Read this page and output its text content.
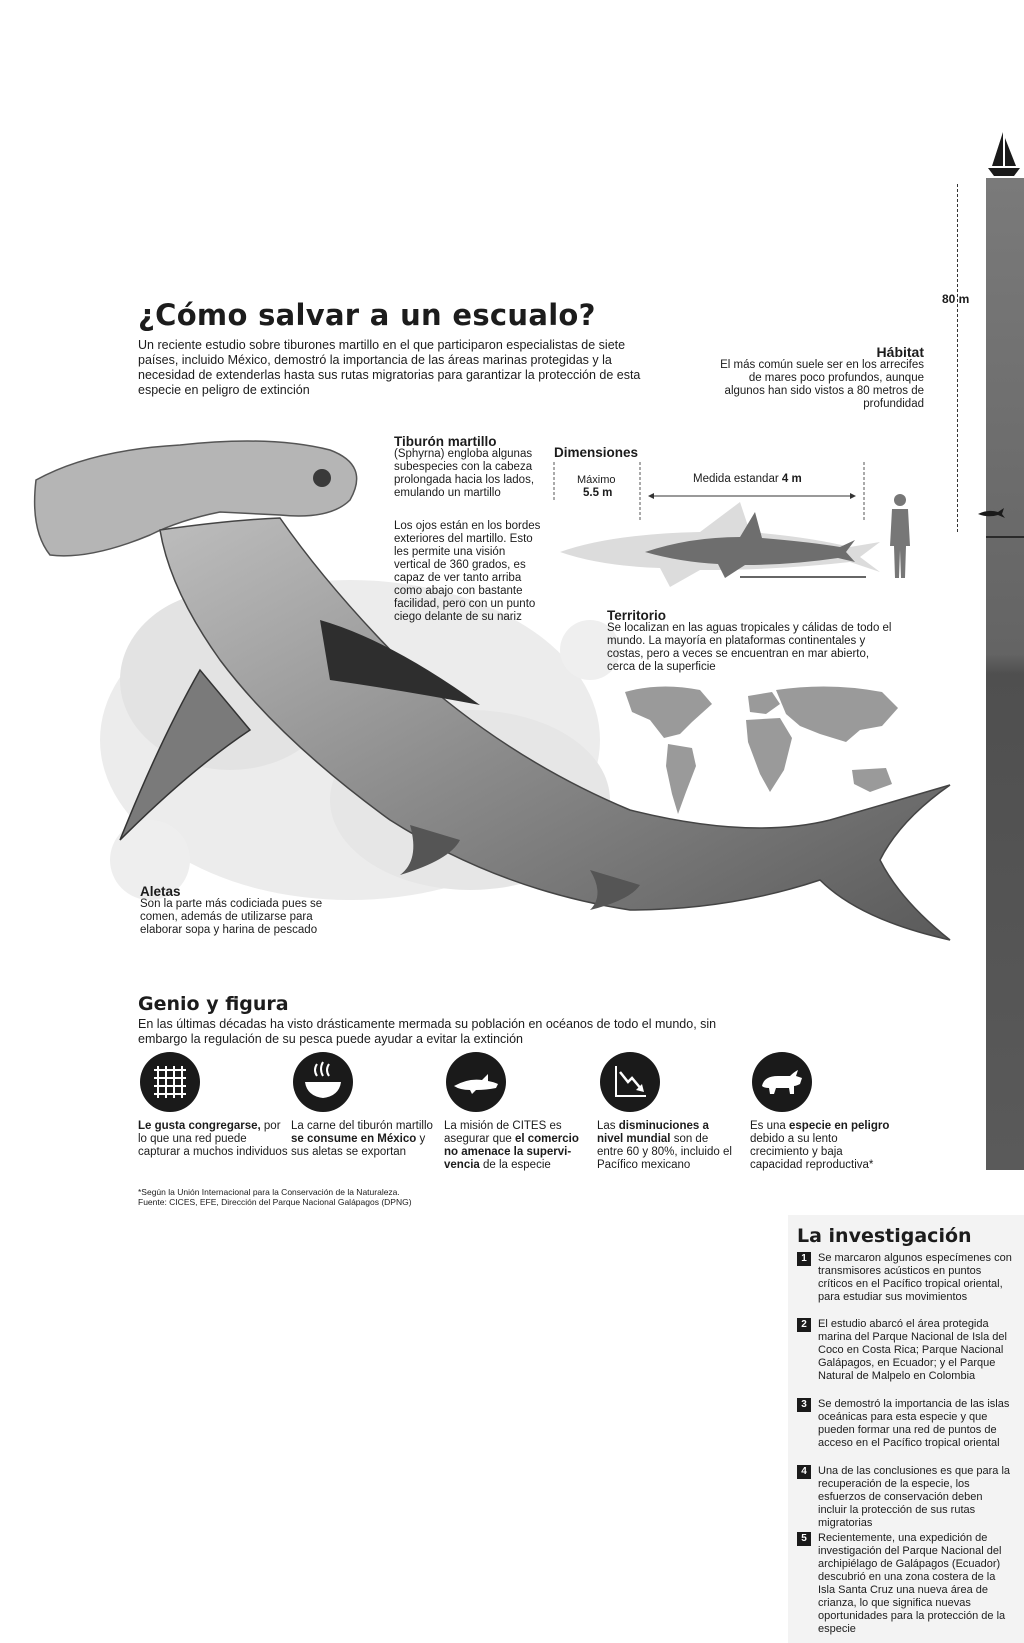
80 m
¿Cómo salvar a un escualo?
Un reciente estudio sobre tiburones martillo en el que participaron especialistas de siete países, incluido México, demostró la importancia de las áreas marinas protegidas y la necesidad de extenderlas hasta sus rutas migratorias para garantizar la protección de esta especie en peligro de extinción
Hábitat
El más común suele ser en los arrecifes de mares poco profundos, aunque algunos han sido vistos a 80 metros de profundidad
Tiburón martillo
(Sphyrna) engloba algunas subespecies con la cabeza prolongada hacia los lados, emulando un martillo
Los ojos están en los bordes exteriores del martillo. Esto les permite una visión vertical de 360 grados, es capaz de ver tanto arriba como abajo con bastante facilidad, pero con un punto ciego delante de su nariz
Dimensiones
Máximo
5.5 m
Medida estandar 4 m
Territorio
Se localizan en las aguas tropicales y cálidas de todo el mundo. La mayoría en plataformas continentales y costas, pero a veces se encuentran en mar abierto, cerca de la superficie
Aletas
Son la parte más codiciada pues se comen, además de utilizarse para elaborar sopa y harina de pescado
Genio y figura
En las últimas décadas ha visto drásticamente mermada su población en océanos de todo el mundo, sin embargo la regulación de su pesca puede ayudar a evitar la extinción
Le gusta congregarse, por lo que una red puede capturar a muchos individuos
La carne del tiburón martillo se consume en México y sus aletas se exportan
La misión de CITES es asegurar que el comercio no amenace la supervi-vencia de la especie
Las disminuciones a nivel mundial son de entre 60 y 80%, incluido el Pacífico mexicano
Es una especie en peligro debido a su lento crecimiento y baja capacidad reproductiva*
*Según la Unión Internacional para la Conservación de la Naturaleza.
Fuente: CICES, EFE, Dirección del Parque Nacional Galápagos (DPNG)
La investigación
1	Se marcaron algunos especímenes con transmisores acústicos en puntos críticos en el Pacífico tropical oriental, para estudiar sus movimientos
2	El estudio abarcó el área protegida marina del Parque Nacional de Isla del Coco en Costa Rica; Parque Nacional Galápagos, en Ecuador; y el Parque Natural de Malpelo en Colombia
3	Se demostró la importancia de las islas oceánicas para esta especie y que pueden formar una red de puntos de acceso en el Pacífico tropical oriental
4	Una de las conclusiones es que para la recuperación de la especie, los esfuerzos de conservación deben incluir la protección de sus rutas migratorias
5	Recientemente, una expedición de investigación del Parque Nacional del archipiélago de Galápagos (Ecuador) descubrió en una zona costera de la Isla Santa Cruz una nueva área de crianza, lo que significa nuevas oportunidades para la protección de la especie
